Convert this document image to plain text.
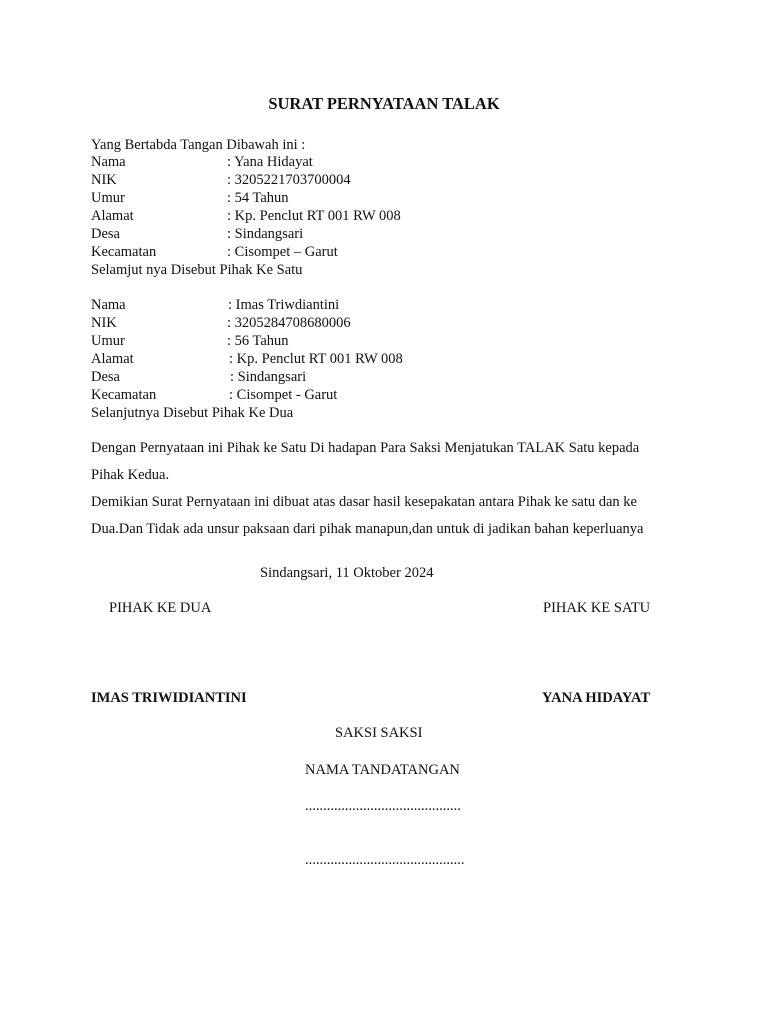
SURAT PERNYATAAN TALAK
Yang Bertabda Tangan Dibawah ini :
Nama	: Yana Hidayat
NIK	: 3205221703700004
Umur	: 54 Tahun
Alamat	: Kp. Penclut RT 001 RW 008
Desa	: Sindangsari
Kecamatan	: Cisompet – Garut
Selamjut nya Disebut Pihak Ke Satu
Nama	: Imas Triwdiantini
NIK	: 3205284708680006
Umur	: 56 Tahun
Alamat	: Kp. Penclut RT 001 RW 008
Desa	: Sindangsari
Kecamatan	: Cisompet - Garut
Selanjutnya Disebut Pihak Ke Dua
Dengan Pernyataan ini Pihak ke Satu Di hadapan Para Saksi Menjatukan TALAK Satu kepada
Pihak Kedua.
Demikian Surat Pernyataan ini dibuat atas dasar hasil kesepakatan antara Pihak ke satu dan ke
Dua.Dan Tidak ada unsur paksaan dari pihak manapun,dan untuk di jadikan bahan keperluanya
Sindangsari, 11 Oktober 2024
PIHAK KE DUA	PIHAK KE SATU
IMAS TRIWIDIANTINI	YANA HIDAYAT
SAKSI SAKSI
NAMA TANDATANGAN
...........................................
............................................
